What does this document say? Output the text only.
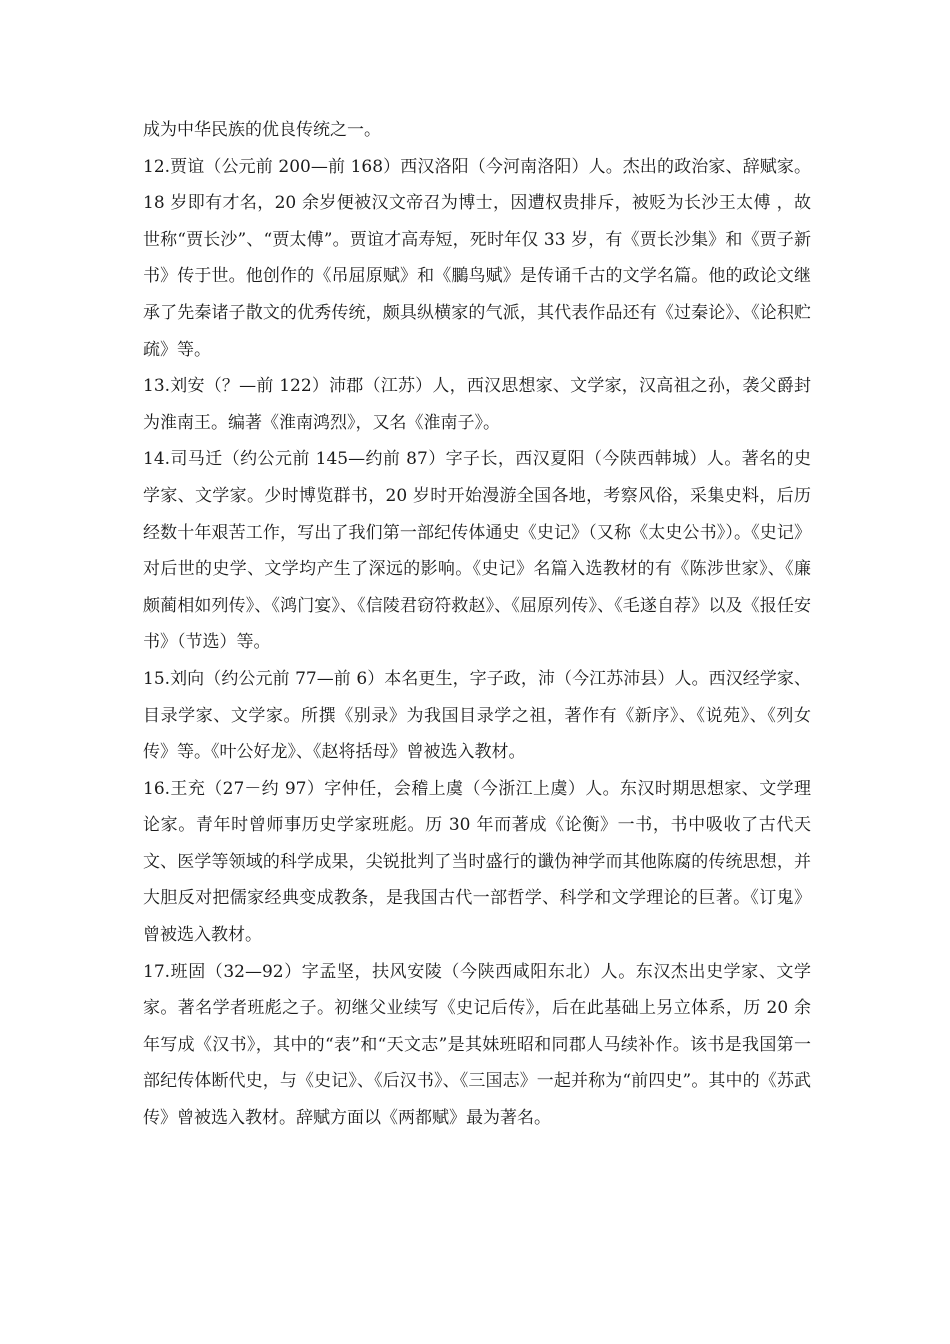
成为中华民族的优良传统之一。

12.贾谊（公元前 200—前 168）西汉洛阳（今河南洛阳）人。杰出的政治家、辞赋家。18 岁即有才名，20 余岁便被汉文帝召为博士，因遭权贵排斥，被贬为长沙王太傅 ，故世称“贾长沙”、“贾太傅”。贾谊才高寿短，死时年仅 33 岁，有《贾长沙集》和《贾子新书》传于世。他创作的《吊屈原赋》和《鵩鸟赋》是传诵千古的文学名篇。他的政论文继承了先秦诸子散文的优秀传统，颇具纵横家的气派，其代表作品还有《过秦论》、《论积贮疏》等。

13.刘安（？—前 122）沛郡（江苏）人，西汉思想家、文学家，汉高祖之孙，袭父爵封为淮南王。编著《淮南鸿烈》，又名《淮南子》。

14.司马迁（约公元前 145—约前 87）字子长，西汉夏阳（今陕西韩城）人。著名的史学家、文学家。少时博览群书，20 岁时开始漫游全国各地，考察风俗，采集史料，后历经数十年艰苦工作，写出了我们第一部纪传体通史《史记》（又称《太史公书》）。《史记》对后世的史学、文学均产生了深远的影响。《史记》名篇入选教材的有《陈涉世家》、《廉颇蔺相如列传》、《鸿门宴》、《信陵君窃符救赵》、《屈原列传》、《毛遂自荐》以及《报任安书》（节选）等。

15.刘向（约公元前 77—前 6）本名更生，字子政，沛（今江苏沛县）人。西汉经学家、目录学家、文学家。所撰《别录》为我国目录学之祖，著作有《新序》、《说苑》、《列女传》等。《叶公好龙》、《赵将括母》曾被选入教材。

16.王充（27－约 97）字仲任，会稽上虞（今浙江上虞）人。东汉时期思想家、文学理论家。青年时曾师事历史学家班彪。历 30 年而著成《论衡》一书，书中吸收了古代天文、医学等领域的科学成果，尖锐批判了当时盛行的谶伪神学而其他陈腐的传统思想，并大胆反对把儒家经典变成教条，是我国古代一部哲学、科学和文学理论的巨著。《订鬼》曾被选入教材。

17.班固（32—92）字孟坚，扶风安陵（今陕西咸阳东北）人。东汉杰出史学家、文学家。著名学者班彪之子。初继父业续写《史记后传》，后在此基础上另立体系，历 20 余年写成《汉书》，其中的“表”和“天文志”是其妹班昭和同郡人马续补作。该书是我国第一部纪传体断代史，与《史记》、《后汉书》、《三国志》一起并称为“前四史”。其中的《苏武传》曾被选入教材。辞赋方面以《两都赋》最为著名。
